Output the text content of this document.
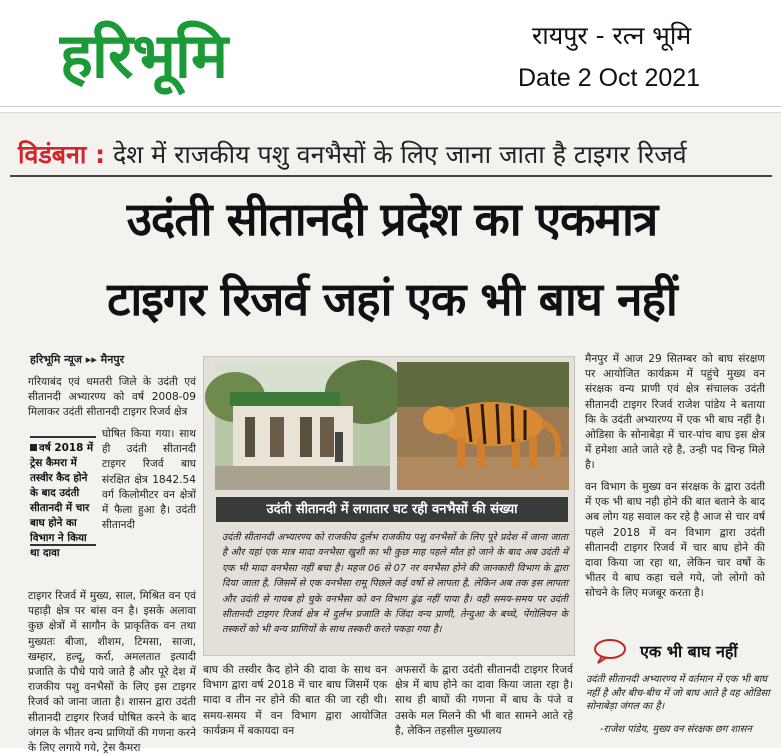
हरिभूमि	रायपुर - रत्न भूमि
Date 2 Oct 2021
विडंबना : देश में राजकीय पशु वनभैसों के लिए जाना जाता है टाइगर रिजर्व
उदंती सीतानदी प्रदेश का एकमात्र
टाइगर रिजर्व जहां एक भी बाघ नहीं
हरिभूमि न्यूज ▸▸ मैनपुर
गरियाबंद एवं धमतरी जिले के उदंती एवं सीतानदी अभ्यारण्य को वर्ष 2008-09 मिलाकर उदंती सीतानदी टाइगर रिजर्व क्षेत्र
वर्ष 2018 में ट्रेस कैमरा में तस्वीर कैद होने के बाद उदंती सीतानदी में चार बाघ होने का विभाग ने किया था दावा
घोषित किया गया। साथ ही उदंती सीतानदी टाइगर रिजर्व बाघ संरक्षित क्षेत्र 1842.54 वर्ग किलोमीटर वन क्षेत्रों में फैला हुआ है। उदंती सीतानदी
टाइगर रिजर्व में मुख्य, साल, मिश्रित वन एवं पहाड़ी क्षेत्र पर बांस वन है। इसके अलावा कुछ क्षेत्रों में सागौन के प्राकृतिक वन तथा मुख्यतः बीजा, शीशम, टिमसा, साजा, खम्हार, हल्दू, कर्रा, अमलतात इत्यादी प्रजाति के पौधे पाये जाते है और पूरे देश में राजकीय पशु वनभैसों के लिए इस टाइगर रिजर्व को जाना जाता है। शासन द्वारा उदंती सीतानदी टाइगर रिजर्व घोषित करने के बाद जंगल के भीतर वन्य प्राणियों की गणना करने के लिए लगाये गये, ट्रेस कैमरा
उदंती सीतानदी में लगातार घट रही वनभैसों की संख्या
उदंती सीतानदी अभ्यारण्य को राजकीय दुर्लभ राजकीय पशु वनभैसों के लिए पूरे प्रदेश में जाना जाता है और यहां एक मात्र मादा वनभैसा खुशी का भी कुछ माह पहले मौत हो जाने के बाद अब उदंती में एक भी मादा वनभैसा नहीं बचा है। महज 06 से 07 नर वनभैसा होने की जानकारी विभाग के द्वारा दिया जाता है, जिसमें से एक वनभैसा रामू पिछले कई वर्षो से लापता है, लेकिन अब तक इस लापता और उदंती से गायब हो चुके वनभैसा को वन विभाग ढुंढ नहीं पाया है। वही समय-समय पर उदंती सीतानदी टाइगर रिजर्व क्षेत्र में दुर्लभ प्रजाति के जिंदा वन्य प्राणी, तेन्दुआ के बच्चे, पेंगोलियन के तस्करों को भी वन्य प्राणियों के साथ तस्करी करते पकड़ा गया है।
बाघ की तस्वीर कैद होने की दावा के साथ वन विभाग द्वारा वर्ष 2018 में चार बाघ जिसमें एक मादा व तीन नर होने की बात की जा रही थी। समय-समय में वन विभाग द्वारा आयोजित कार्यक्रम में बकायदा वन
अफसरों के द्वारा उदंती सीतानदी टाइगर रिजर्व क्षेत्र में बाघ होने का दावा किया जाता रहा है। साथ ही बाघों की गणना में बाघ के पंजे व उसके मल मिलने की भी बात सामने आते रहे है, लेकिन तहसील मुख्यालय
मैनपुर में आज 29 सितम्बर को बाघ संरक्षण पर आयोजित कार्यक्रम में पहुंचे मुख्य वन संरक्षक वन्य प्राणी एवं क्षेत्र संचालक उदंती सीतानदी टाइगर रिजर्व राजेश पांडेय ने बताया कि के उदंती अभ्यारण्य में एक भी बाघ नहीं है। ओडिसा के सोनाबेड़ा में चार-पांच बाघ इस क्षेत्र में हमेशा आते जाते रहे है, उन्ही पद चिन्ह मिले है।
वन विभाग के मुख्य वन संरक्षक के द्वारा उदंती में एक भी बाघ नही होने की बात बताने के बाद अब लोग यह सवाल कर रहे है आज से चार वर्ष पहले 2018 में वन विभाग द्वारा उदंती सीतानदी टाइगर रिजर्व में चार बाघ होने की दावा किया जा रहा था, लेकिन चार वर्षो के भीतर ये बाघ कहा चले गये, जो लोगो को सोचने के लिए मजबूर करता है।
एक भी बाघ नहीं
उदंती सीतानदी अभ्यारण्य में वर्तमान में एक भी बाघ नहीं है और बीच-बीच में जो बाघ आते है वह ओडिसा सोनाबेड़ा जंगल का है।
-राजेश पांडेय, मुख्य वन संरक्षक छग शासन
